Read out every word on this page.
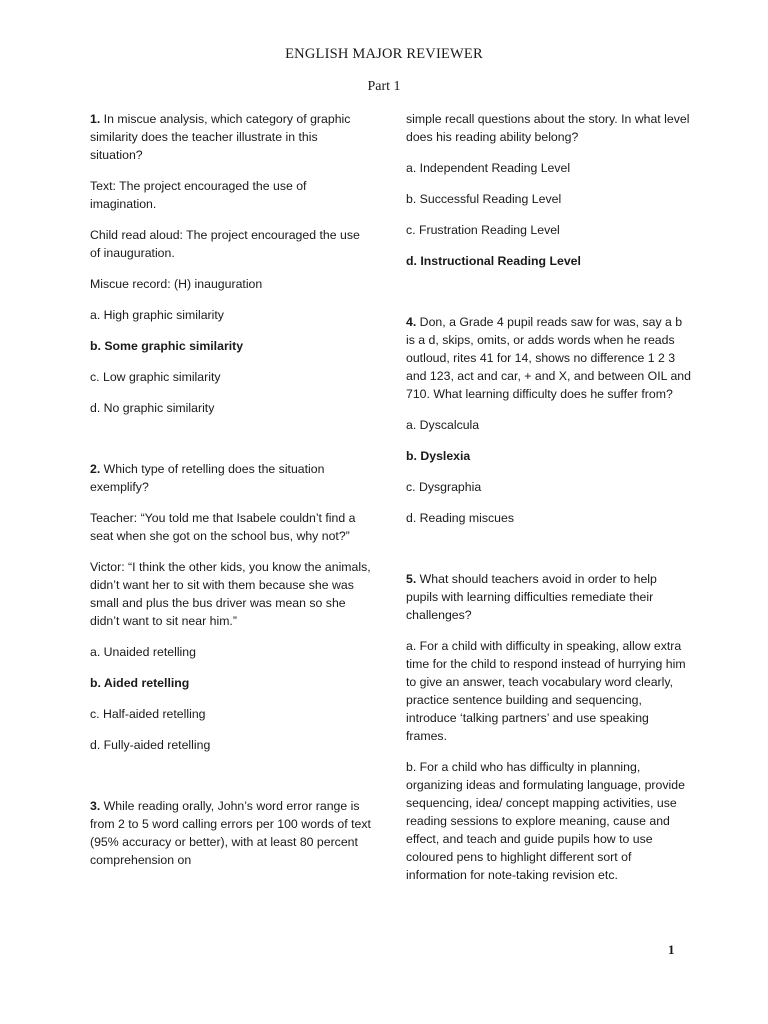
ENGLISH MAJOR REVIEWER
Part 1

1. In miscue analysis, which category of graphic similarity does the teacher illustrate in this situation?

Text: The project encouraged the use of imagination.

Child read aloud: The project encouraged the use of inauguration.

Miscue record: (H) inauguration

a. High graphic similarity

b. Some graphic similarity

c. Low graphic similarity

d. No graphic similarity

2. Which type of retelling does the situation exemplify?

Teacher: “You told me that Isabele couldn’t find a seat when she got on the school bus, why not?”

Victor: “I think the other kids, you know the animals, didn’t want her to sit with them because she was small and plus the bus driver was mean so she didn’t want to sit near him.”

a. Unaided retelling

b. Aided retelling

c. Half-aided retelling

d. Fully-aided retelling

3. While reading orally, John’s word error range is from 2 to 5 word calling errors per 100 words of text (95% accuracy or better), with at least 80 percent comprehension on

simple recall questions about the story. In what level does his reading ability belong?

a. Independent Reading Level

b. Successful Reading Level

c. Frustration Reading Level

d. Instructional Reading Level

4. Don, a Grade 4 pupil reads saw for was, say a b is a d, skips, omits, or adds words when he reads outloud, rites 41 for 14, shows no difference 1 2 3 and 123, act and car, + and X, and between OIL and 710. What learning difficulty does he suffer from?

a. Dyscalcula

b. Dyslexia

c. Dysgraphia

d. Reading miscues

5. What should teachers avoid in order to help pupils with learning difficulties remediate their challenges?

a. For a child with difficulty in speaking, allow extra time for the child to respond instead of hurrying him to give an answer, teach vocabulary word clearly, practice sentence building and sequencing, introduce ‘talking partners’ and use speaking frames.

b. For a child who has difficulty in planning, organizing ideas and formulating language, provide sequencing, idea/ concept mapping activities, use reading sessions to explore meaning, cause and effect, and teach and guide pupils how to use coloured pens to highlight different sort of information for note-taking revision etc.

1
